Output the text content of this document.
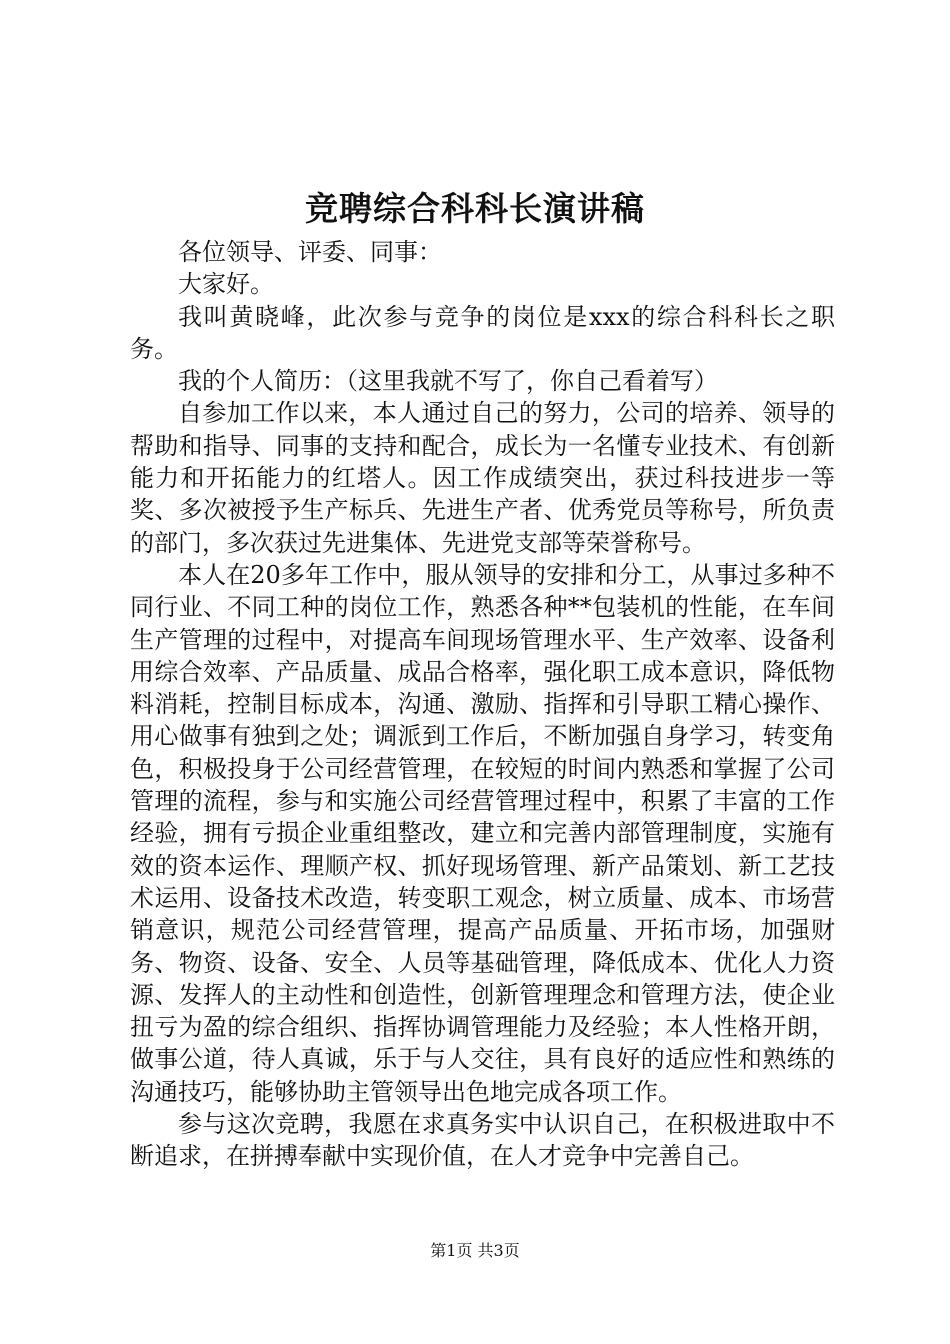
竞聘综合科科长演讲稿

各位领导、评委、同事：

大家好。

我叫黄晓峰，此次参与竞争的岗位是xxx的综合科科长之职务。

我的个人简历：（这里我就不写了，你自己看着写）

自参加工作以来，本人通过自己的努力，公司的培养、领导的帮助和指导、同事的支持和配合，成长为一名懂专业技术、有创新能力和开拓能力的红塔人。因工作成绩突出，获过科技进步一等奖、多次被授予生产标兵、先进生产者、优秀党员等称号，所负责的部门，多次获过先进集体、先进党支部等荣誉称号。

本人在20多年工作中，服从领导的安排和分工，从事过多种不同行业、不同工种的岗位工作，熟悉各种**包装机的性能，在车间生产管理的过程中，对提高车间现场管理水平、生产效率、设备利用综合效率、产品质量、成品合格率，强化职工成本意识，降低物料消耗，控制目标成本，沟通、激励、指挥和引导职工精心操作、用心做事有独到之处；调派到工作后，不断加强自身学习，转变角色，积极投身于公司经营管理，在较短的时间内熟悉和掌握了公司管理的流程，参与和实施公司经营管理过程中，积累了丰富的工作经验，拥有亏损企业重组整改，建立和完善内部管理制度，实施有效的资本运作、理顺产权、抓好现场管理、新产品策划、新工艺技术运用、设备技术改造，转变职工观念，树立质量、成本、市场营销意识，规范公司经营管理，提高产品质量、开拓市场，加强财务、物资、设备、安全、人员等基础管理，降低成本、优化人力资源、发挥人的主动性和创造性，创新管理理念和管理方法，使企业扭亏为盈的综合组织、指挥协调管理能力及经验；本人性格开朗，做事公道，待人真诚，乐于与人交往，具有良好的适应性和熟练的沟通技巧，能够协助主管领导出色地完成各项工作。

参与这次竞聘，我愿在求真务实中认识自己，在积极进取中不断追求，在拼搏奉献中实现价值，在人才竞争中完善自己。

第1页 共3页
